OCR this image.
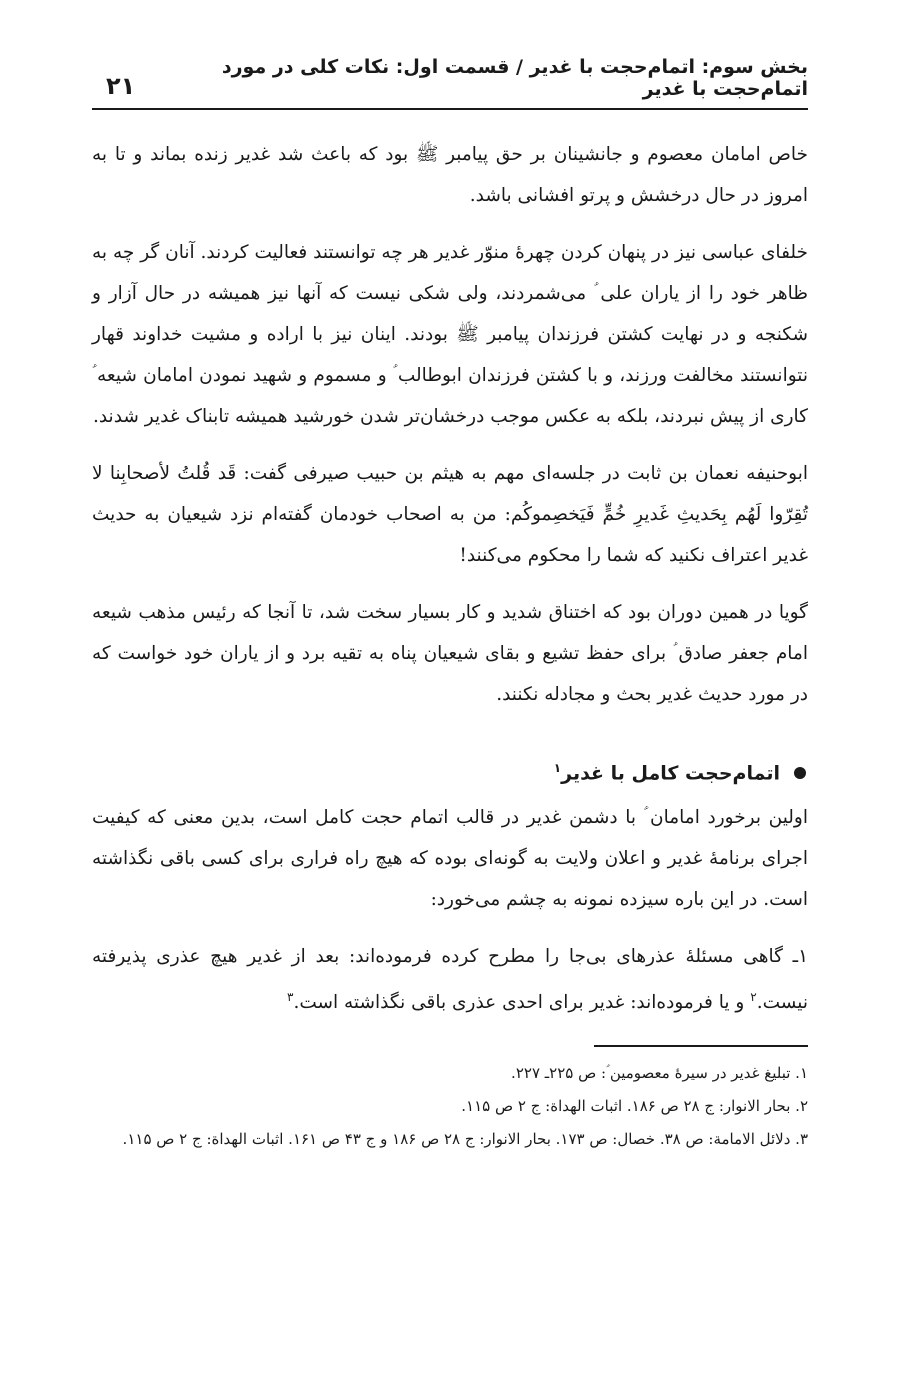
بخش سوم: اتمام‌حجت با غدیر / قسمت اول: نکات کلی در مورد اتمام‌حجت با غدیر
۲۱

خاص امامان معصوم و جانشینان بر حق پیامبر ﷺ بود که باعث شد غدیر زنده بماند و تا به امروز در حال درخشش و پرتو افشانی باشد.

خلفای عباسی نیز در پنهان کردن چهرهٔ منوّر غدیر هر چه توانستند فعالیت کردند. آنان گر چه به ظاهر خود را از یاران علی ؑ می‌شمردند، ولی شکی نیست که آنها نیز همیشه در حال آزار و شکنجه و در نهایت کشتن فرزندان پیامبر ﷺ بودند. اینان نیز با اراده و مشیت خداوند قهار نتوانستند مخالفت ورزند، و با کشتن فرزندان ابوطالب ؑ و مسموم و شهید نمودن امامان شیعه ؑ کاری از پیش نبردند، بلکه به عکس موجب درخشان‌تر شدن خورشید همیشه تابناک غدیر شدند.

ابوحنیفه نعمان بن ثابت در جلسه‌ای مهم به هیثم بن حبیب صیرفی گفت: قَد قُلتُ لأصحابِنا لا تُقِرّوا لَهُم بِحَدیثِ غَدیرِ خُمٍّ فَیَخصِموکُم: من به اصحاب خودمان گفته‌ام نزد شیعیان به حدیث غدیر اعتراف نکنید که شما را محکوم می‌کنند!

گویا در همین دوران بود که اختناق شدید و کار بسیار سخت شد، تا آنجا که رئیس مذهب شیعه امام جعفر صادق ؑ برای حفظ تشیع و بقای شیعیان پناه به تقیه برد و از یاران خود خواست که در مورد حدیث غدیر بحث و مجادله نکنند.

اتمام‌حجت کامل با غدیر$^۱$

اولین برخورد امامان ؑ با دشمن غدیر در قالب اتمام حجت کامل است، بدین معنی که کیفیت اجرای برنامهٔ غدیر و اعلان ولایت به گونه‌ای بوده که هیچ راه فراری برای کسی باقی نگذاشته است. در این باره سیزده نمونه به چشم می‌خورد:

۱ـ گاهی مسئلهٔ عذرهای بی‌جا را مطرح کرده فرموده‌اند: بعد از غدیر هیچ عذری پذیرفته نیست.$^۲$ و یا فرموده‌اند: غدیر برای احدی عذری باقی نگذاشته است.$^۳$

۱. تبلیغ غدیر در سیرهٔ معصومین ؑ: ص ۲۲۵ـ ۲۲۷.

۲. بحار الانوار: ج ۲۸ ص ۱۸۶. اثبات الهداة: ج ۲ ص ۱۱۵.

۳. دلائل الامامة: ص ۳۸. خصال: ص ۱۷۳. بحار الانوار: ج ۲۸ ص ۱۸۶ و ج ۴۳ ص ۱۶۱. اثبات الهداة: ج ۲ ص ۱۱۵.
